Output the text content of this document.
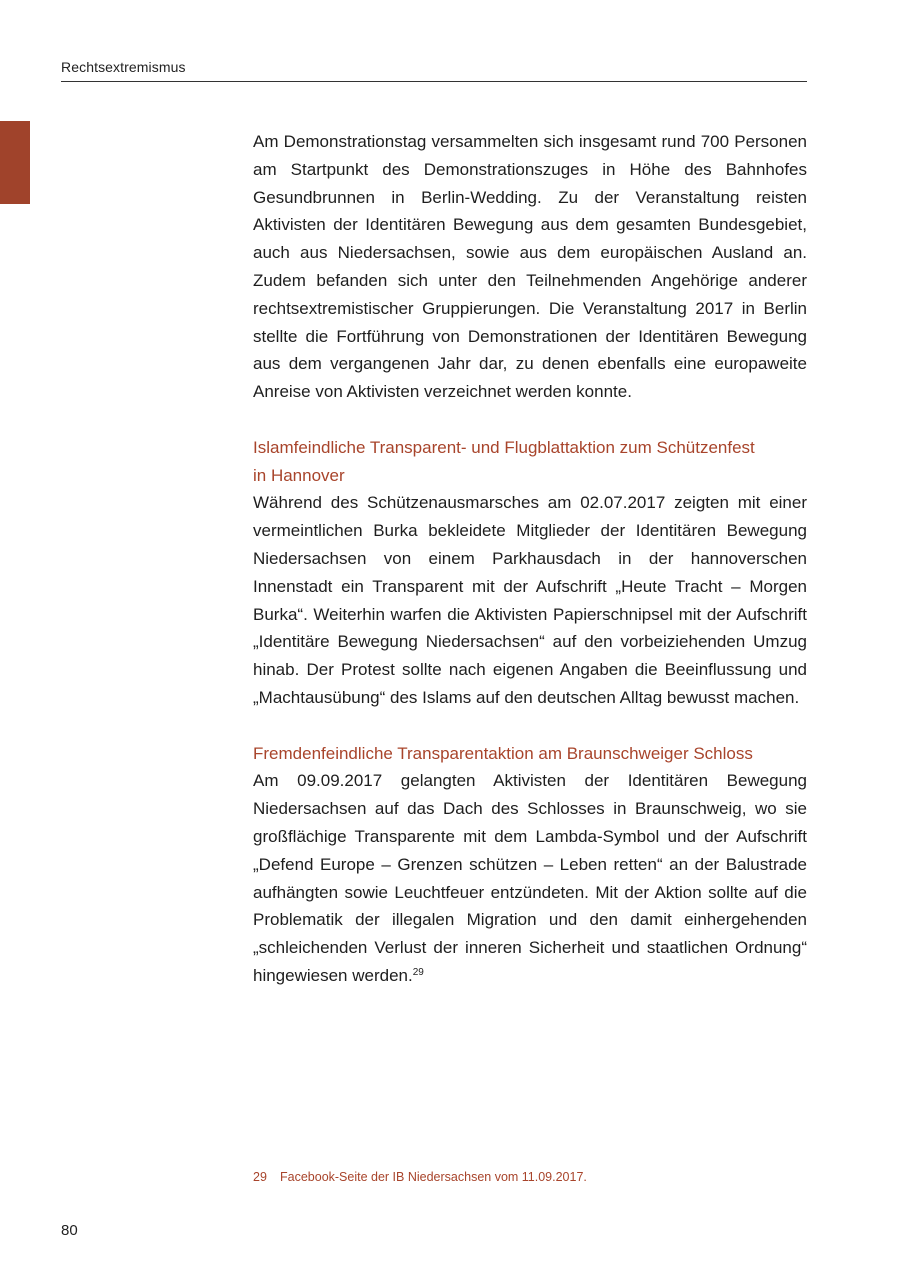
Rechtsextremismus

Am Demonstrationstag versammelten sich insgesamt rund 700 Personen am Startpunkt des Demonstrationszuges in Höhe des Bahnhofes Gesundbrunnen in Berlin-Wedding. Zu der Veranstaltung reisten Aktivisten der Identitären Bewegung aus dem gesamten Bundesgebiet, auch aus Niedersachsen, sowie aus dem europäischen Ausland an. Zudem befanden sich unter den Teilnehmenden Angehörige anderer rechtsextremistischer Gruppierungen. Die Veranstaltung 2017 in Berlin stellte die Fortführung von Demonstrationen der Identitären Bewegung aus dem vergangenen Jahr dar, zu denen ebenfalls eine europaweite Anreise von Aktivisten verzeichnet werden konnte.

Islamfeindliche Transparent- und Flugblattaktion zum Schützenfest
in Hannover

Während des Schützenausmarsches am 02.07.2017 zeigten mit einer vermeintlichen Burka bekleidete Mitglieder der Identitären Bewegung Niedersachsen von einem Parkhausdach in der hannoverschen Innenstadt ein Transparent mit der Aufschrift „Heute Tracht – Morgen Burka“. Weiterhin warfen die Aktivisten Papierschnipsel mit der Aufschrift „Identitäre Bewegung Niedersachsen“ auf den vorbeiziehenden Umzug hinab. Der Protest sollte nach eigenen Angaben die Beeinflussung und „Machtausübung“ des Islams auf den deutschen Alltag bewusst machen.

Fremdenfeindliche Transparentaktion am Braunschweiger Schloss

Am 09.09.2017 gelangten Aktivisten der Identitären Bewegung Niedersachsen auf das Dach des Schlosses in Braunschweig, wo sie großflächige Transparente mit dem Lambda-Symbol und der Aufschrift „Defend Europe – Grenzen schützen – Leben retten“ an der Balustrade aufhängten sowie Leuchtfeuer entzündeten. Mit der Aktion sollte auf die Problematik der illegalen Migration und den damit einhergehenden „schleichenden Verlust der inneren Sicherheit und staatlichen Ordnung“ hingewiesen werden.$^{29}$

29 Facebook-Seite der IB Niedersachsen vom 11.09.2017.
80
